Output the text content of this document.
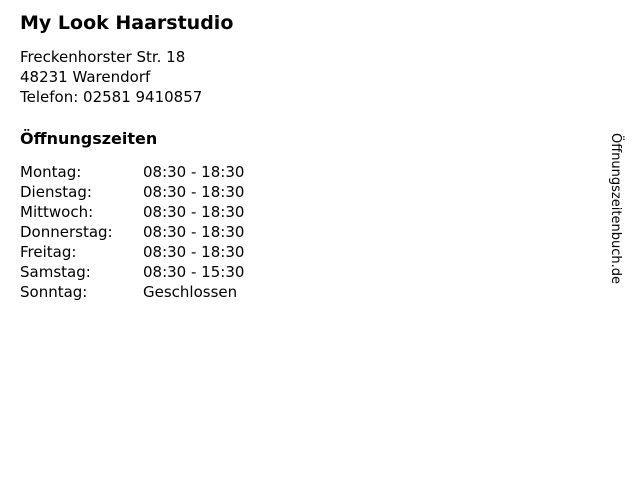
My Look Haarstudio
Freckenhorster Str. 18
48231 Warendorf
Telefon: 02581 9410857
Öffnungszeiten
Montag:	08:30 - 18:30
Dienstag:	08:30 - 18:30
Mittwoch:	08:30 - 18:30
Donnerstag:	08:30 - 18:30
Freitag:	08:30 - 18:30
Samstag:	08:30 - 15:30
Sonntag:	Geschlossen
Öffnungszeitenbuch.de
